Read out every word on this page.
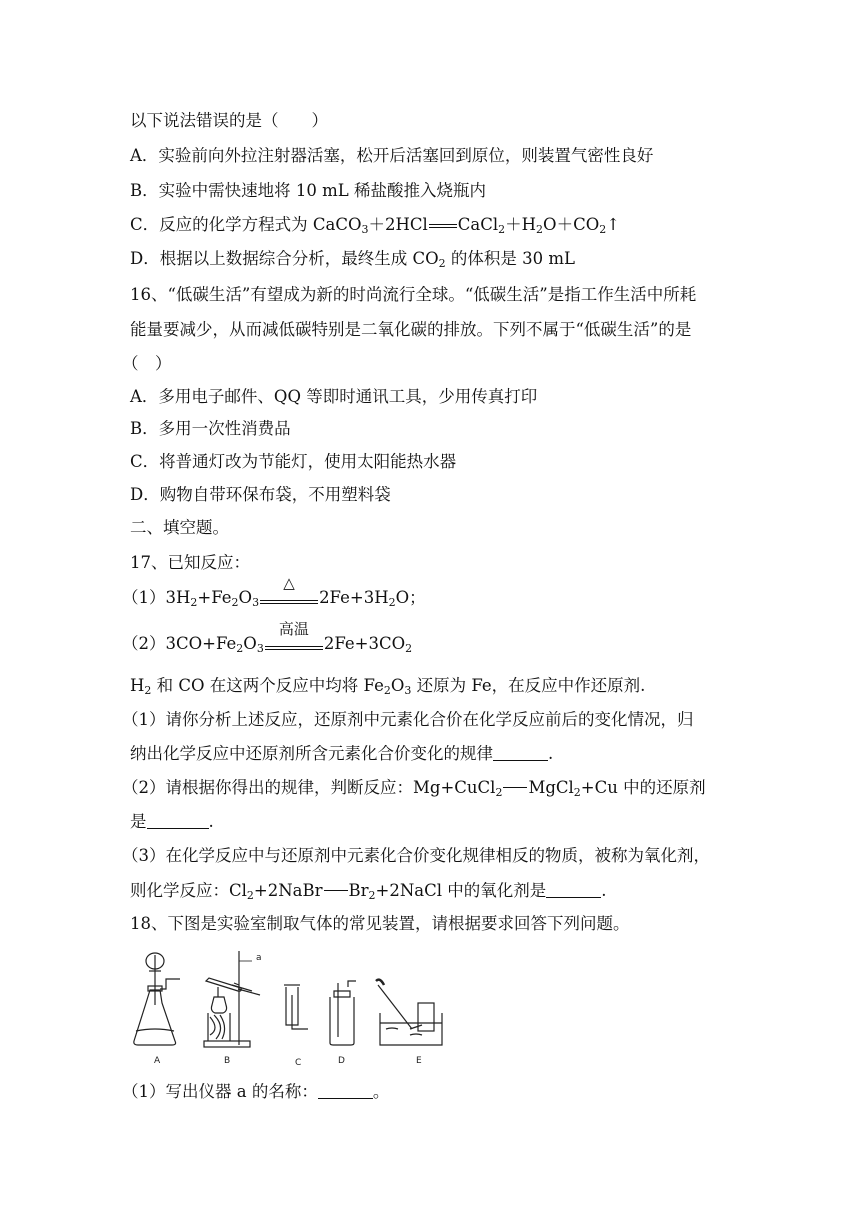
以下说法错误的是（　　）
A．实验前向外拉注射器活塞，松开后活塞回到原位，则装置气密性良好
B．实验中需快速地将 10 mL 稀盐酸推入烧瓶内
C．反应的化学方程式为 CaCO$_3$＋2HCl $CaCl_2+H_2O+CO_2↑$
D．根据以上数据综合分析，最终生成 $CO_2$ 的体积是 30 mL
16、“低碳生活”有望成为新的时尚流行全球。“低碳生活”是指工作生活中所耗
能量要减少，从而减低碳特别是二氧化碳的排放。下列不属于“低碳生活”的是
（　）
A．多用电子邮件、QQ 等即时通讯工具，少用传真打印
B．多用一次性消费品
C．将普通灯改为节能灯，使用太阳能热水器
D．购物自带环保布袋，不用塑料袋
二、填空题。
17、已知反应：
$(1)3H_2+Fe_2O_3$
△
$2Fe+3H_2O$；
$(2)3CO+Fe_2O_3$
高温
$2Fe+3CO_2$
$H_2$ 和 CO 在这两个反应中均将 $Fe_2O_3$ 还原为 Fe，在反应中作还原剂.
（1）请你分析上述反应，还原剂中元素化合价在化学反应前后的变化情况，归
纳出化学反应中还原剂所含元素化合价变化的规律	.
（2）请根据你得出的规律，判断反应：Mg+CuCl$_2$ MgCl$_2$+Cu 中的还原剂
是	.
（3）在化学反应中与还原剂中元素化合价变化规律相反的物质，被称为氧化剂，
则化学反应：$Cl_2+2NaBr$ $Br_2+2NaCl$ 中的氧化剂是	.
18、下图是实验室制取气体的常见装置，请根据要求回答下列问题。
a
A	B	C	D	E
（1）写出仪器 a 的名称：	。
